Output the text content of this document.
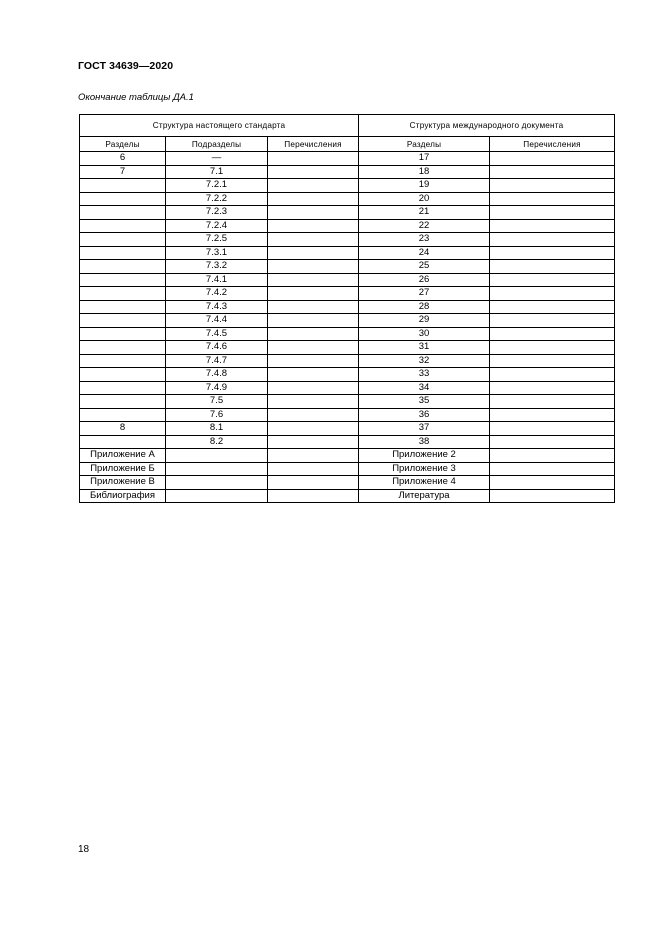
ГОСТ 34639—2020
Окончание таблицы ДА.1
Структура настоящего стандарта			Структура международного документа	
Разделы	Подразделы	Перечисления	Разделы	Перечисления
6	—		17	
7	7.1		18	
	7.2.1		19	
	7.2.2		20	
	7.2.3		21	
	7.2.4		22	
	7.2.5		23	
	7.3.1		24	
	7.3.2		25	
	7.4.1		26	
	7.4.2		27	
	7.4.3		28	
	7.4.4		29	
	7.4.5		30	
	7.4.6		31	
	7.4.7		32	
	7.4.8		33	
	7.4.9		34	
	7.5		35	
	7.6		36	
8	8.1		37	
	8.2		38	
Приложение А			Приложение 2	
Приложение Б			Приложение 3	
Приложение В			Приложение 4	
Библиография			Литература	
18
